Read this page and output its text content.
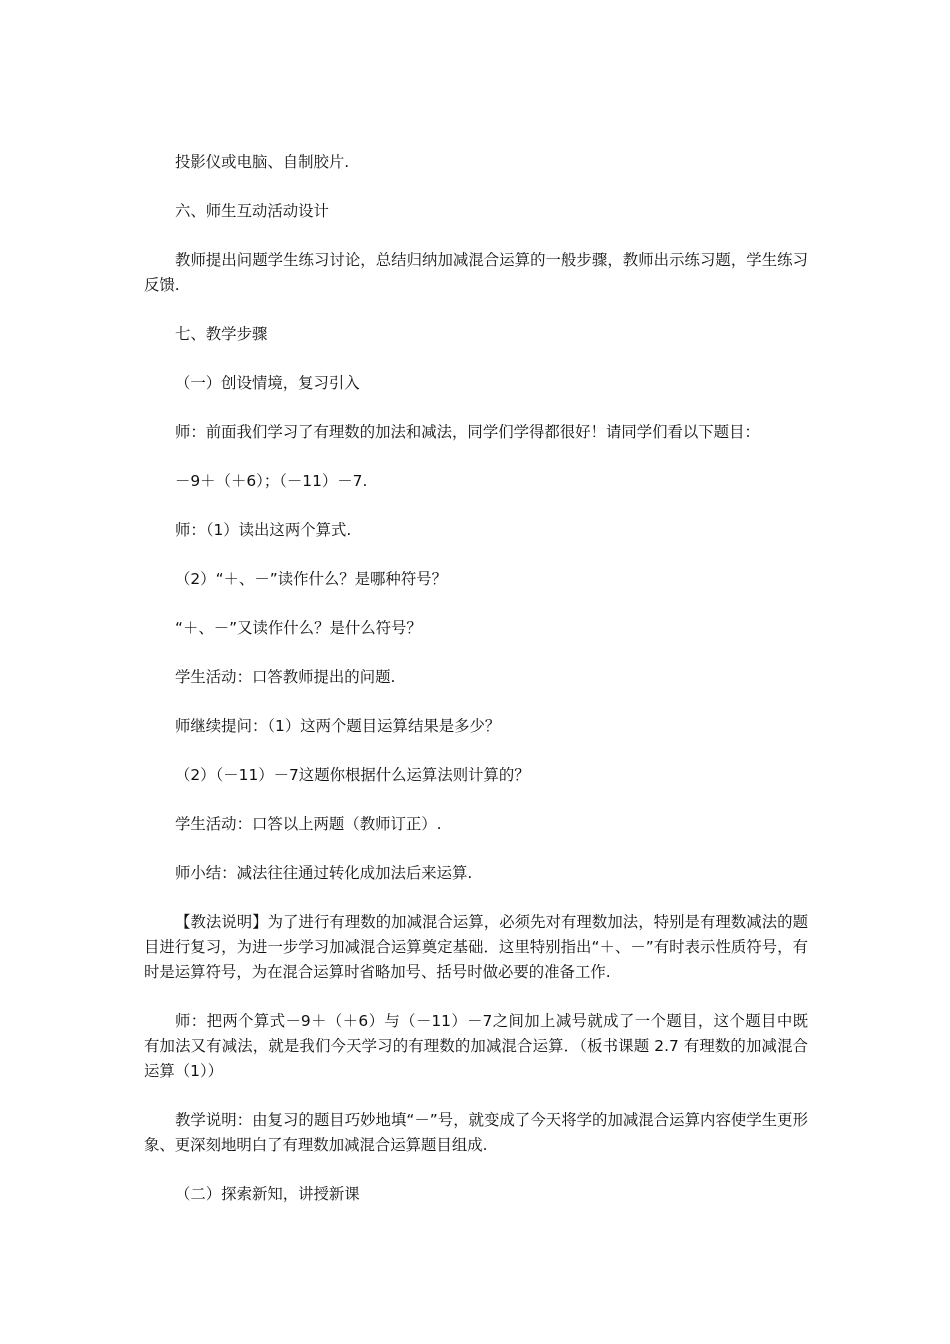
投影仪或电脑、自制胶片.

六、师生互动活动设计

教师提出问题学生练习讨论，总结归纳加减混合运算的一般步骤，教师出示练习题，学生练习反馈.

七、教学步骤

（一）创设情境，复习引入

师：前面我们学习了有理数的加法和减法，同学们学得都很好！请同学们看以下题目：

－9＋（＋6）；（－11）－7.

师：（1）读出这两个算式.

（2）“＋、－”读作什么？是哪种符号？

“＋、－”又读作什么？是什么符号？

学生活动：口答教师提出的问题.

师继续提问：（1）这两个题目运算结果是多少？

（2）（－11）－7这题你根据什么运算法则计算的？

学生活动：口答以上两题（教师订正）.

师小结：减法往往通过转化成加法后来运算.

【教法说明】为了进行有理数的加减混合运算，必须先对有理数加法，特别是有理数减法的题目进行复习，为进一步学习加减混合运算奠定基础．这里特别指出“＋、－”有时表示性质符号，有时是运算符号，为在混合运算时省略加号、括号时做必要的准备工作.

师：把两个算式－9＋（＋6）与（－11）－7之间加上减号就成了一个题目，这个题目中既有加法又有减法，就是我们今天学习的有理数的加减混合运算．（板书课题 2.7 有理数的加减混合运算（1））

教学说明：由复习的题目巧妙地填“－”号，就变成了今天将学的加减混合运算内容使学生更形象、更深刻地明白了有理数加减混合运算题目组成.

（二）探索新知，讲授新课
